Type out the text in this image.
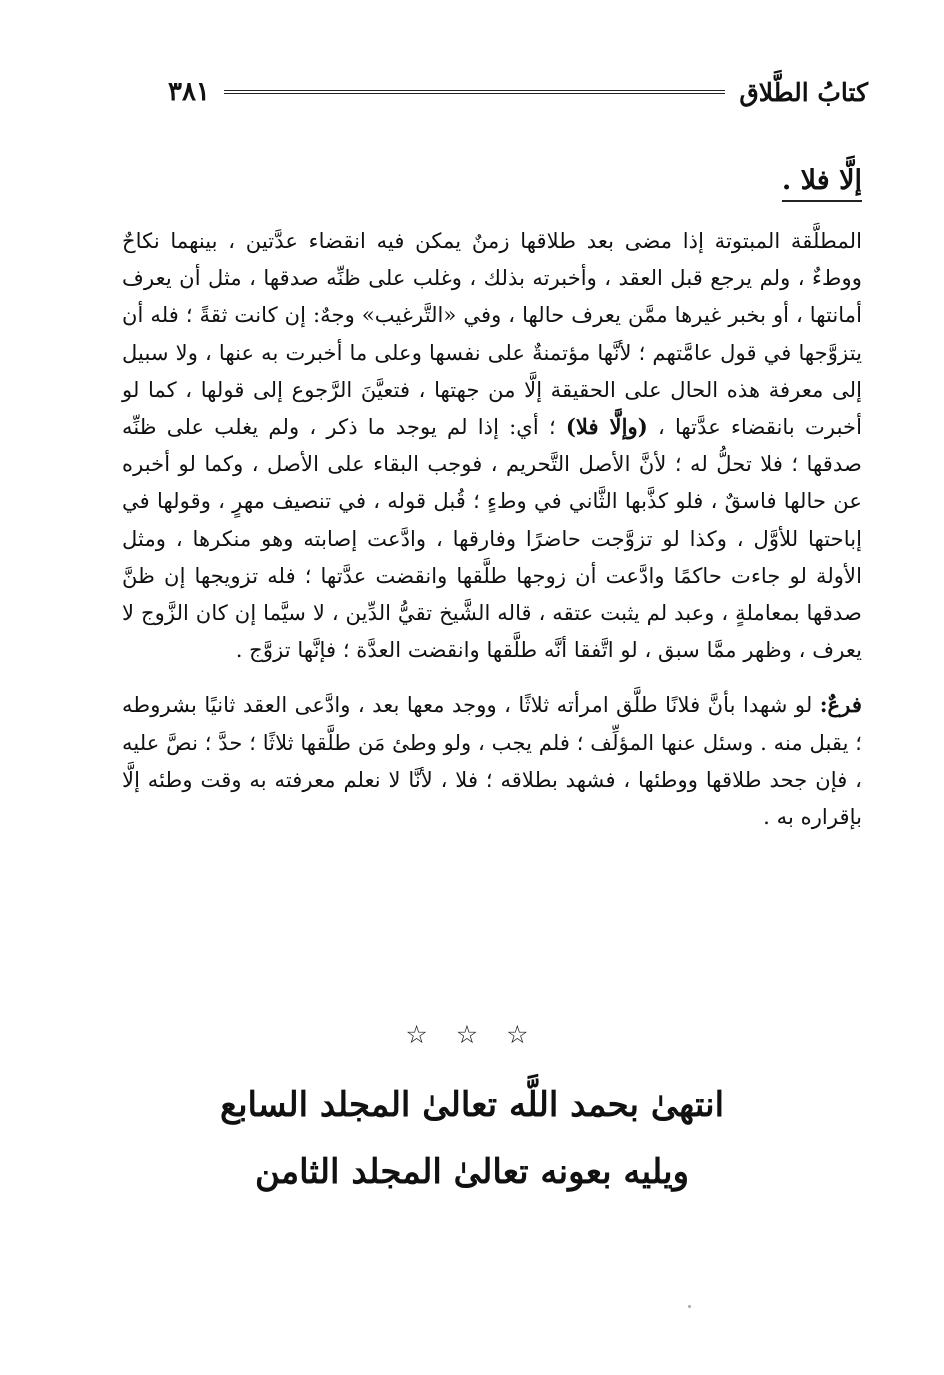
كتابُ الطَّلاق
٣٨١
إلَّا فلا .

المطلَّقة المبتوتة إذا مضى بعد طلاقها زمنٌ يمكن فيه انقضاء عدَّتين ، بينهما نكاحٌ ووطءٌ ، ولم يرجع قبل العقد ، وأخبرته بذلك ، وغلب على ظنِّه صدقها ، مثل أن يعرف أمانتها ، أو بخبر غيرها ممَّن يعرف حالها ، وفي «التَّرغيب» وجهٌ: إن كانت ثقةً ؛ فله أن يتزوَّجها في قول عامَّتهم ؛ لأنَّها مؤتمنةٌ على نفسها وعلى ما أخبرت به عنها ، ولا سبيل إلى معرفة هذه الحال على الحقيقة إلَّا من جهتها ، فتعيَّنَ الرَّجوع إلى قولها ، كما لو أخبرت بانقضاء عدَّتها ، (وإلَّا فلا) ؛ أي: إذا لم يوجد ما ذكر ، ولم يغلب على ظنِّه صدقها ؛ فلا تحلُّ له ؛ لأنَّ الأصل التَّحريم ، فوجب البقاء على الأصل ، وكما لو أخبره عن حالها فاسقٌ ، فلو كذَّبها الثَّاني في وطءٍ ؛ قُبل قوله ، في تنصيف مهرٍ ، وقولها في إباحتها للأوَّل ، وكذا لو تزوَّجت حاضرًا وفارقها ، وادَّعت إصابته وهو منكرها ، ومثل الأولة لو جاءت حاكمًا وادَّعت أن زوجها طلَّقها وانقضت عدَّتها ؛ فله تزويجها إن ظنَّ صدقها بمعاملةٍ ، وعبد لم يثبت عتقه ، قاله الشَّيخ تقيُّ الدِّين ، لا سيَّما إن كان الزَّوج لا يعرف ، وظهر ممَّا سبق ، لو اتَّفقا أنَّه طلَّقها وانقضت العدَّة ؛ فإنَّها تزوَّج .

فرعٌ: لو شهدا بأنَّ فلانًا طلَّق امرأته ثلاثًا ، ووجد معها بعد ، وادَّعى العقد ثانيًا بشروطه ؛ يقبل منه . وسئل عنها المؤلِّف ؛ فلم يجب ، ولو وطئ مَن طلَّقها ثلاثًا ؛ حدَّ ؛ نصَّ عليه ، فإن جحد طلاقها ووطئها ، فشهد بطلاقه ؛ فلا ، لأنَّا لا نعلم معرفته به وقت وطئه إلَّا بإقراره به .

☆ ☆ ☆
انتهىٰ بحمد اللَّه تعالىٰ المجلد السابع
ويليه بعونه تعالىٰ المجلد الثامن
